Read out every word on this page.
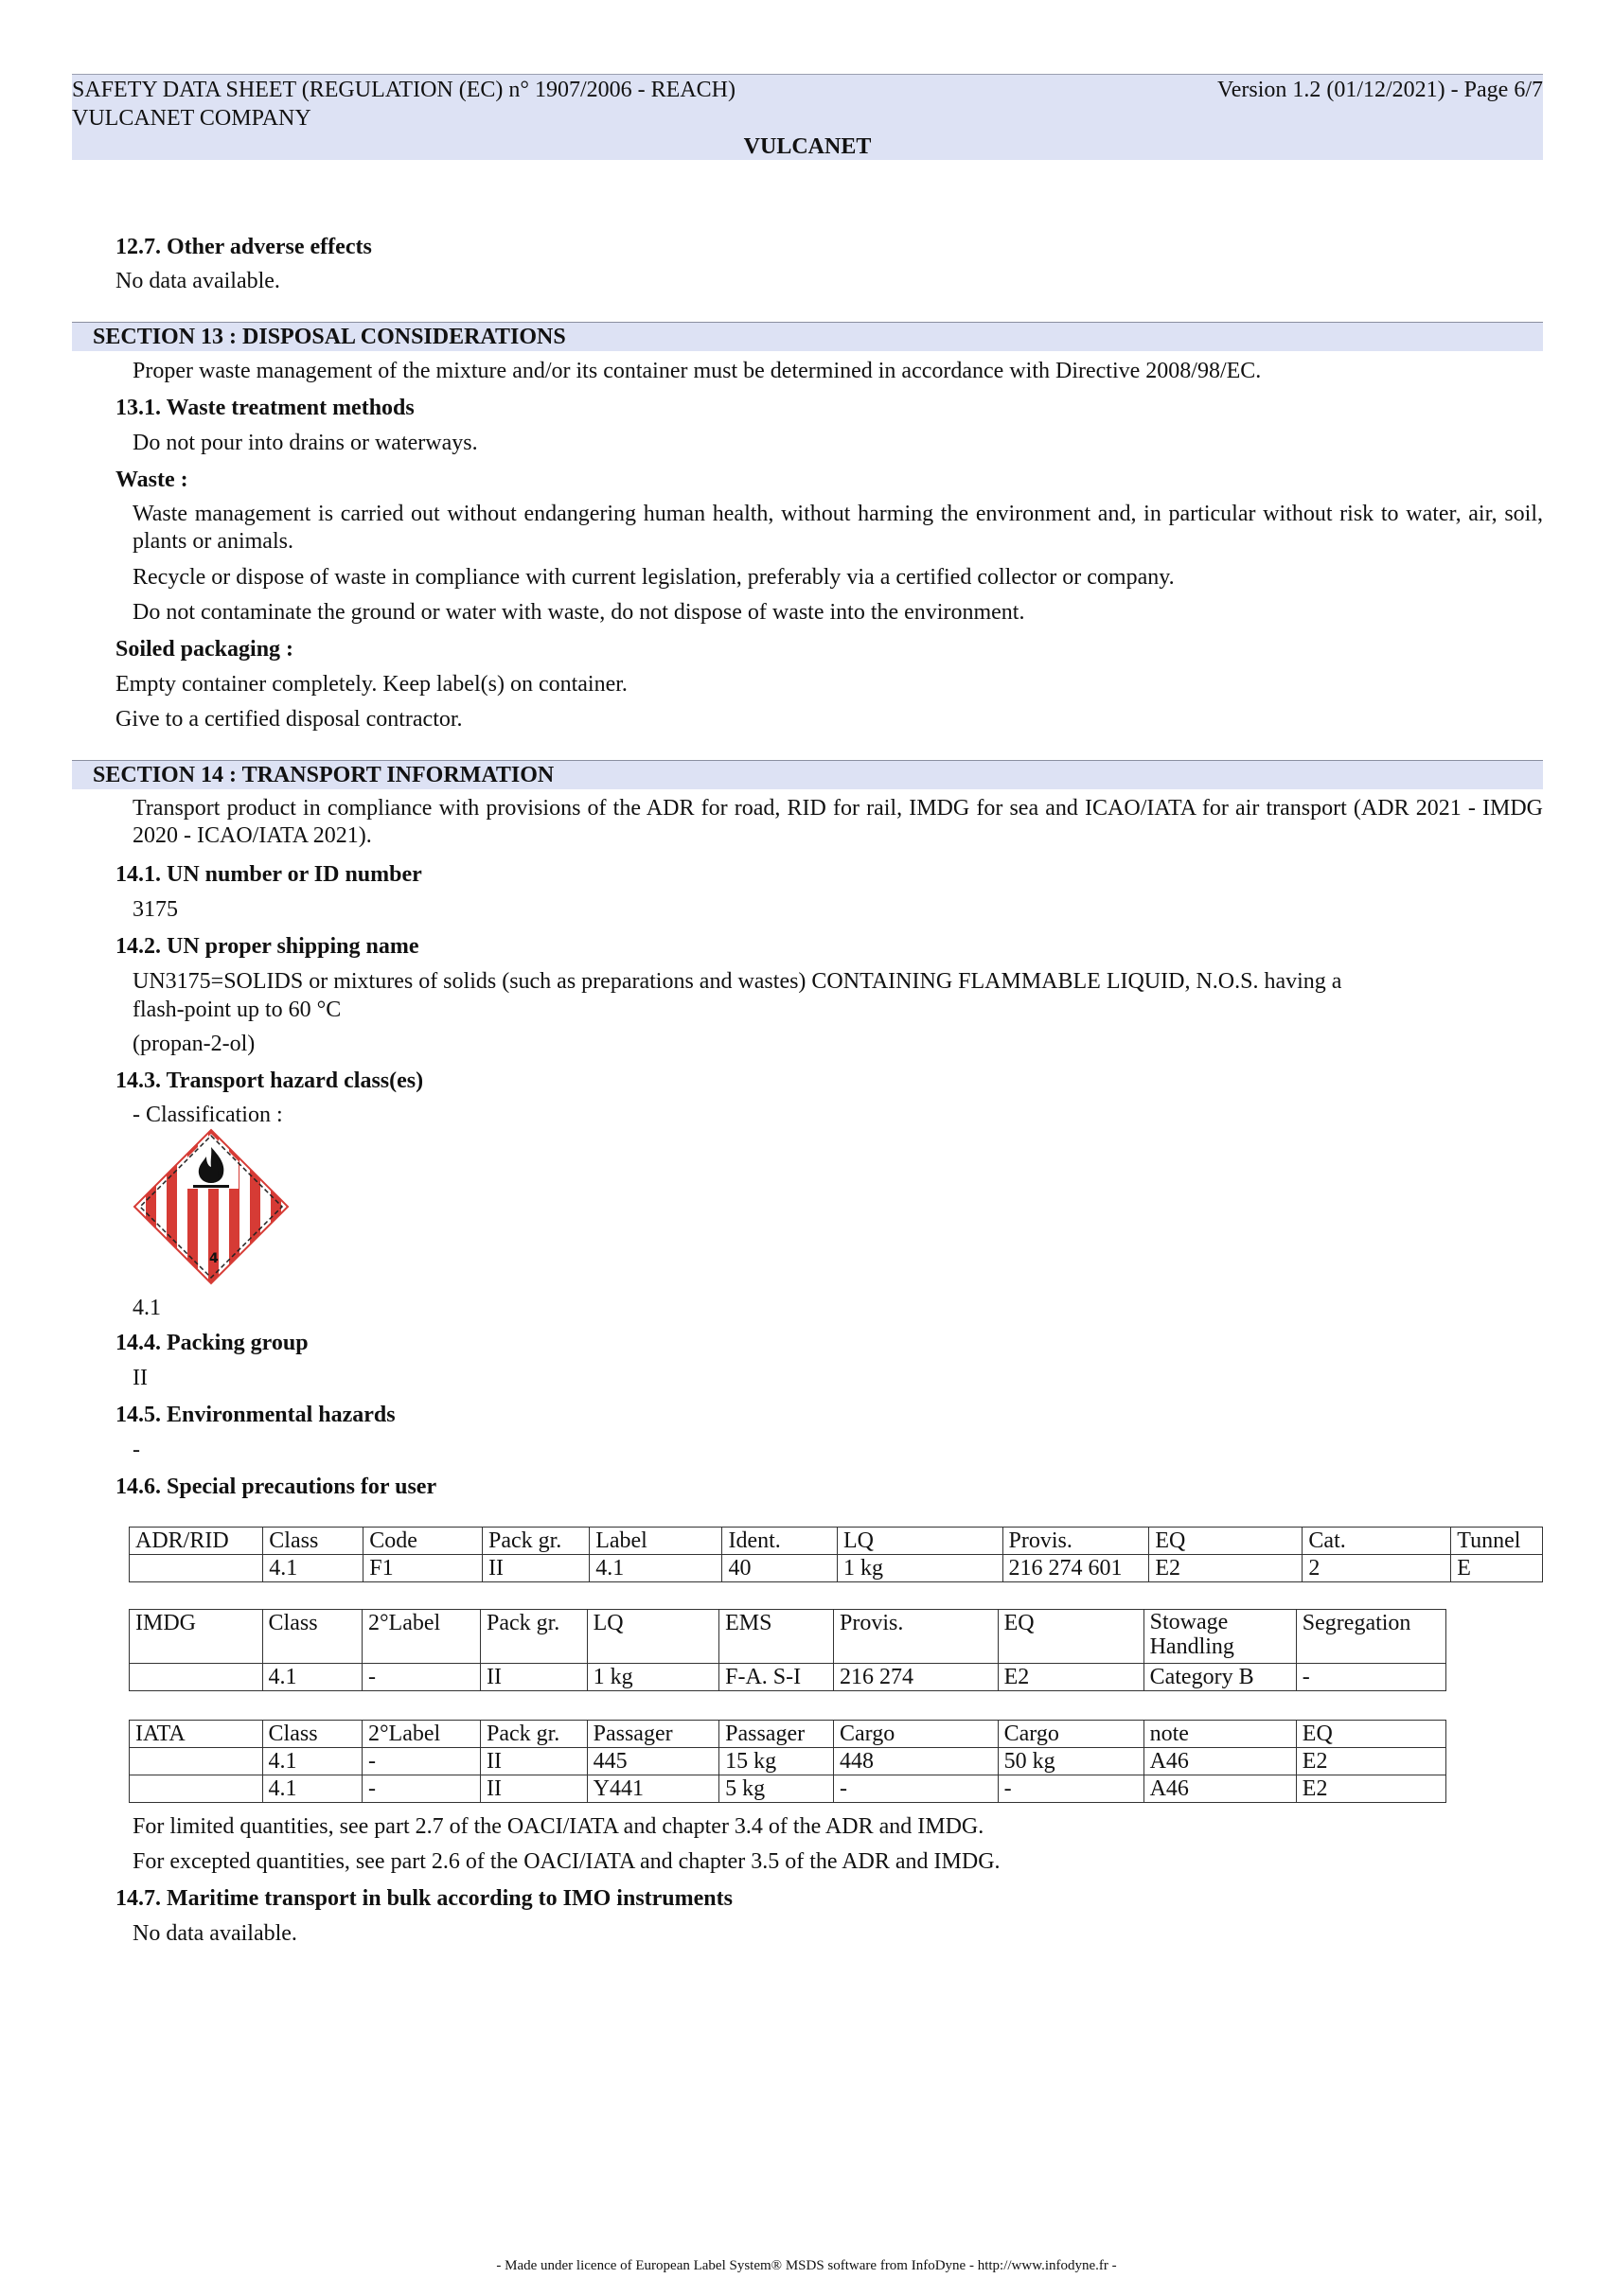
SAFETY DATA SHEET (REGULATION (EC) n° 1907/2006 - REACH)
VULCANET COMPANY
Version 1.2 (01/12/2021) - Page 6/7
VULCANET
12.7. Other adverse effects
No data available.
SECTION 13 : DISPOSAL CONSIDERATIONS
Proper waste management of the mixture and/or its container must be determined in accordance with Directive 2008/98/EC.
13.1. Waste treatment methods
Do not pour into drains or waterways.
Waste :
Waste management is carried out without endangering human health, without harming the environment and, in particular without risk to water, air, soil, plants or animals.
Recycle or dispose of waste in compliance with current legislation, preferably via a certified collector or company.
Do not contaminate the ground or water with waste, do not dispose of waste into the environment.
Soiled packaging :
Empty container completely. Keep label(s) on container.
Give to a certified disposal contractor.
SECTION 14 : TRANSPORT INFORMATION
Transport product in compliance with provisions of the ADR for road, RID for rail, IMDG for sea and ICAO/IATA for air transport (ADR 2021 - IMDG 2020 - ICAO/IATA 2021).
14.1. UN number or ID number
3175
14.2. UN proper shipping name
UN3175=SOLIDS or mixtures of solids (such as preparations and wastes) CONTAINING FLAMMABLE LIQUID, N.O.S. having a
flash-point up to 60 °C
(propan-2-ol)
14.3. Transport hazard class(es)
- Classification :
4
4.1
14.4. Packing group
II
14.5. Environmental hazards
-
14.6. Special precautions for user
ADR/RID	Class	Code	Pack gr.	Label	Ident.	LQ	Provis.	EQ	Cat.	Tunnel
	4.1	F1	II	4.1	40	1 kg	216 274 601	E2	2	E
IMDG	Class	2°Label	Pack gr.	LQ	EMS	Provis.	EQ	Stowage Handling	Segregation
	4.1	-	II	1 kg	F-A. S-I	216 274	E2	Category B	-
IATA	Class	2°Label	Pack gr.	Passager	Passager	Cargo	Cargo	note	EQ
	4.1	-	II	445	15 kg	448	50 kg	A46	E2
	4.1	-	II	Y441	5 kg	-	-	A46	E2
For limited quantities, see part 2.7 of the OACI/IATA and chapter 3.4 of the ADR and IMDG.
For excepted quantities, see part 2.6 of the OACI/IATA and chapter 3.5 of the ADR and IMDG.
14.7. Maritime transport in bulk according to IMO instruments
No data available.
- Made under licence of European Label System® MSDS software from InfoDyne - http://www.infodyne.fr -
